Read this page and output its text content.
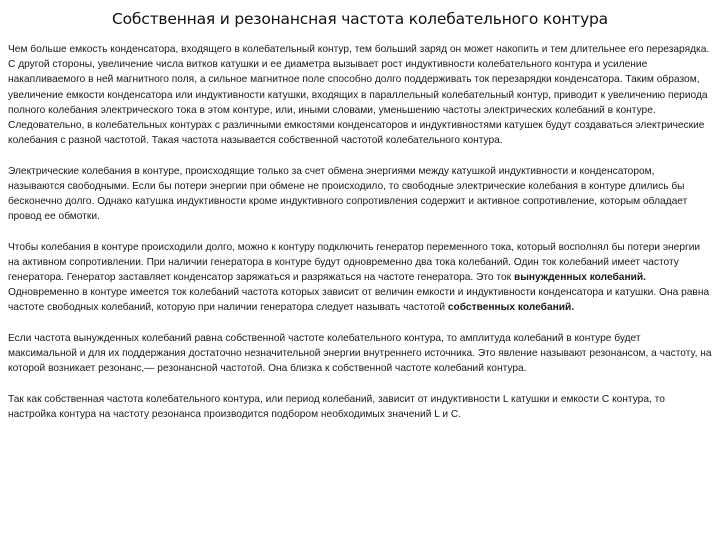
Собственная и резонансная частота колебательного контура

Чем больше емкость конденсатора, входящего в колебательный контур, тем больший заряд он может накопить и тем длительнее его перезарядка. С другой стороны, увеличение числа витков катушки и ее диаметра вызывает рост индуктивности колебательного контура и усиление накапливаемого в ней магнитного поля, а сильное магнитное поле способно долго поддерживать ток перезарядки конденсатора. Таким образом, увеличение емкости конденсатора или индуктивности катушки, входящих в параллельный колебательный контур, приводит к увеличению периода полного колебания электрического тока в этом контуре, или, иными словами, уменьшению частоты электрических колебаний в контуре. Следовательно, в колебательных контурах с различными емкостями конденсаторов и индуктивностями катушек будут создаваться электрические колебания с разной частотой. Такая частота называется собственной частотой колебательного контура.

Электрические колебания в контуре, происходящие только за счет обмена энергиями между катушкой индуктивности и конденсатором, называются свободными. Если бы потери энергии при обмене не происходило, то свободные электрические колебания в контуре длились бы бесконечно долго. Однако катушка индуктивности кроме индуктивного сопротивления содержит и активное сопротивление, которым обладает провод ее обмотки.

Чтобы колебания в контуре происходили долго, можно к контуру подключить генератор переменного тока, который восполнял бы потери энергии на активном сопротивлении. При наличии генератора в контуре будут одновременно два тока колебаний. Один ток колебаний имеет частоту генератора. Генератор заставляет конденсатор заряжаться и разряжаться на частоте генератора. Это ток вынужденных колебаний. Одновременно в контуре имеется ток колебаний частота которых зависит от величин емкости и индуктивности конденсатора и катушки. Она равна частоте свободных колебаний, которую при наличии генератора следует называть частотой собственных колебаний.

Если частота вынужденных колебаний равна собственной частоте колебательного контура, то амплитуда колебаний в контуре будет максимальной и для их поддержания достаточно незначительной энергии внутреннего источника. Это явление называют резонансом, а частоту, на которой возникает резонанс,— резонансной частотой. Она близка к собственной частоте колебаний контура.

Так как собственная частота колебательного контура, или период колебаний, зависит от индуктивности L катушки и емкости C контура, то настройка контура на частоту резонанса производится подбором необходимых значений L и C.
